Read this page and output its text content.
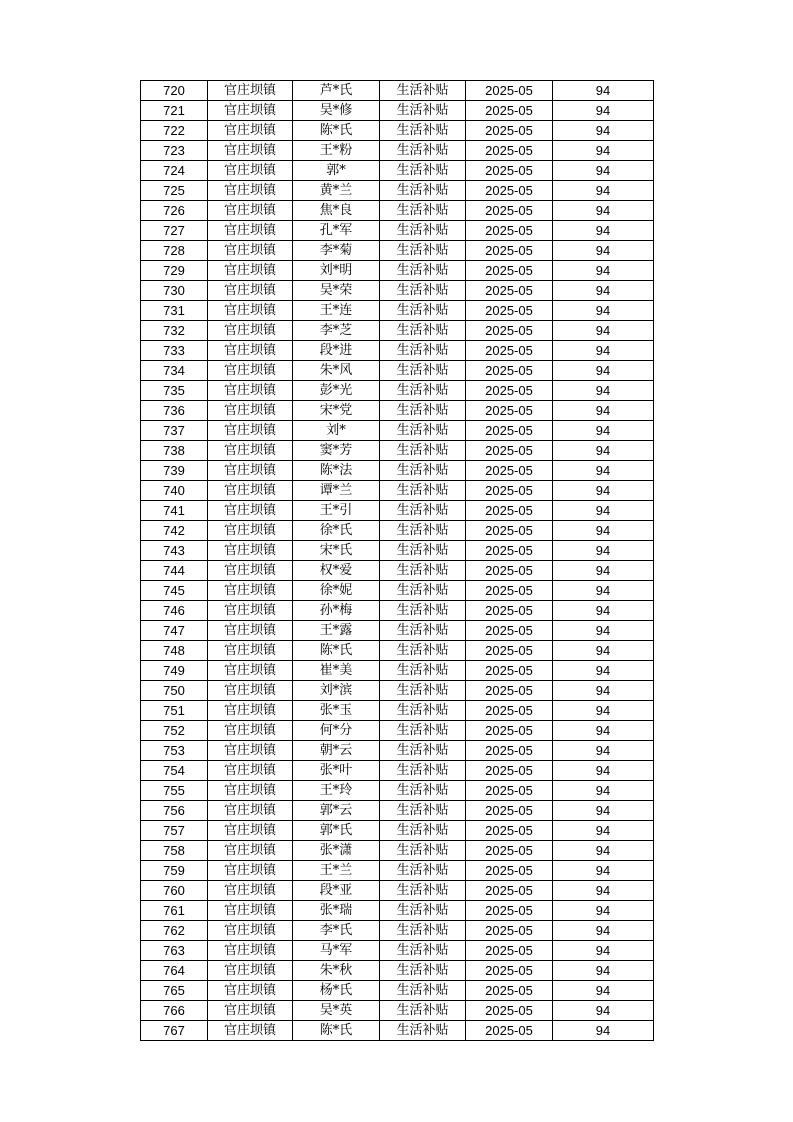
720	官庄坝镇	芦*氏	生活补贴	2025-05	94
721	官庄坝镇	吴*修	生活补贴	2025-05	94
722	官庄坝镇	陈*氏	生活补贴	2025-05	94
723	官庄坝镇	王*粉	生活补贴	2025-05	94
724	官庄坝镇	郭*	生活补贴	2025-05	94
725	官庄坝镇	黄*兰	生活补贴	2025-05	94
726	官庄坝镇	焦*良	生活补贴	2025-05	94
727	官庄坝镇	孔*军	生活补贴	2025-05	94
728	官庄坝镇	李*菊	生活补贴	2025-05	94
729	官庄坝镇	刘*明	生活补贴	2025-05	94
730	官庄坝镇	吴*荣	生活补贴	2025-05	94
731	官庄坝镇	王*连	生活补贴	2025-05	94
732	官庄坝镇	李*芝	生活补贴	2025-05	94
733	官庄坝镇	段*进	生活补贴	2025-05	94
734	官庄坝镇	朱*风	生活补贴	2025-05	94
735	官庄坝镇	彭*光	生活补贴	2025-05	94
736	官庄坝镇	宋*党	生活补贴	2025-05	94
737	官庄坝镇	刘*	生活补贴	2025-05	94
738	官庄坝镇	窦*芳	生活补贴	2025-05	94
739	官庄坝镇	陈*法	生活补贴	2025-05	94
740	官庄坝镇	谭*兰	生活补贴	2025-05	94
741	官庄坝镇	王*引	生活补贴	2025-05	94
742	官庄坝镇	徐*氏	生活补贴	2025-05	94
743	官庄坝镇	宋*氏	生活补贴	2025-05	94
744	官庄坝镇	权*爱	生活补贴	2025-05	94
745	官庄坝镇	徐*妮	生活补贴	2025-05	94
746	官庄坝镇	孙*梅	生活补贴	2025-05	94
747	官庄坝镇	王*露	生活补贴	2025-05	94
748	官庄坝镇	陈*氏	生活补贴	2025-05	94
749	官庄坝镇	崔*美	生活补贴	2025-05	94
750	官庄坝镇	刘*滨	生活补贴	2025-05	94
751	官庄坝镇	张*玉	生活补贴	2025-05	94
752	官庄坝镇	何*分	生活补贴	2025-05	94
753	官庄坝镇	朝*云	生活补贴	2025-05	94
754	官庄坝镇	张*叶	生活补贴	2025-05	94
755	官庄坝镇	王*玲	生活补贴	2025-05	94
756	官庄坝镇	郭*云	生活补贴	2025-05	94
757	官庄坝镇	郭*氏	生活补贴	2025-05	94
758	官庄坝镇	张*潇	生活补贴	2025-05	94
759	官庄坝镇	王*兰	生活补贴	2025-05	94
760	官庄坝镇	段*亚	生活补贴	2025-05	94
761	官庄坝镇	张*瑞	生活补贴	2025-05	94
762	官庄坝镇	李*氏	生活补贴	2025-05	94
763	官庄坝镇	马*军	生活补贴	2025-05	94
764	官庄坝镇	朱*秋	生活补贴	2025-05	94
765	官庄坝镇	杨*氏	生活补贴	2025-05	94
766	官庄坝镇	吴*英	生活补贴	2025-05	94
767	官庄坝镇	陈*氏	生活补贴	2025-05	94
